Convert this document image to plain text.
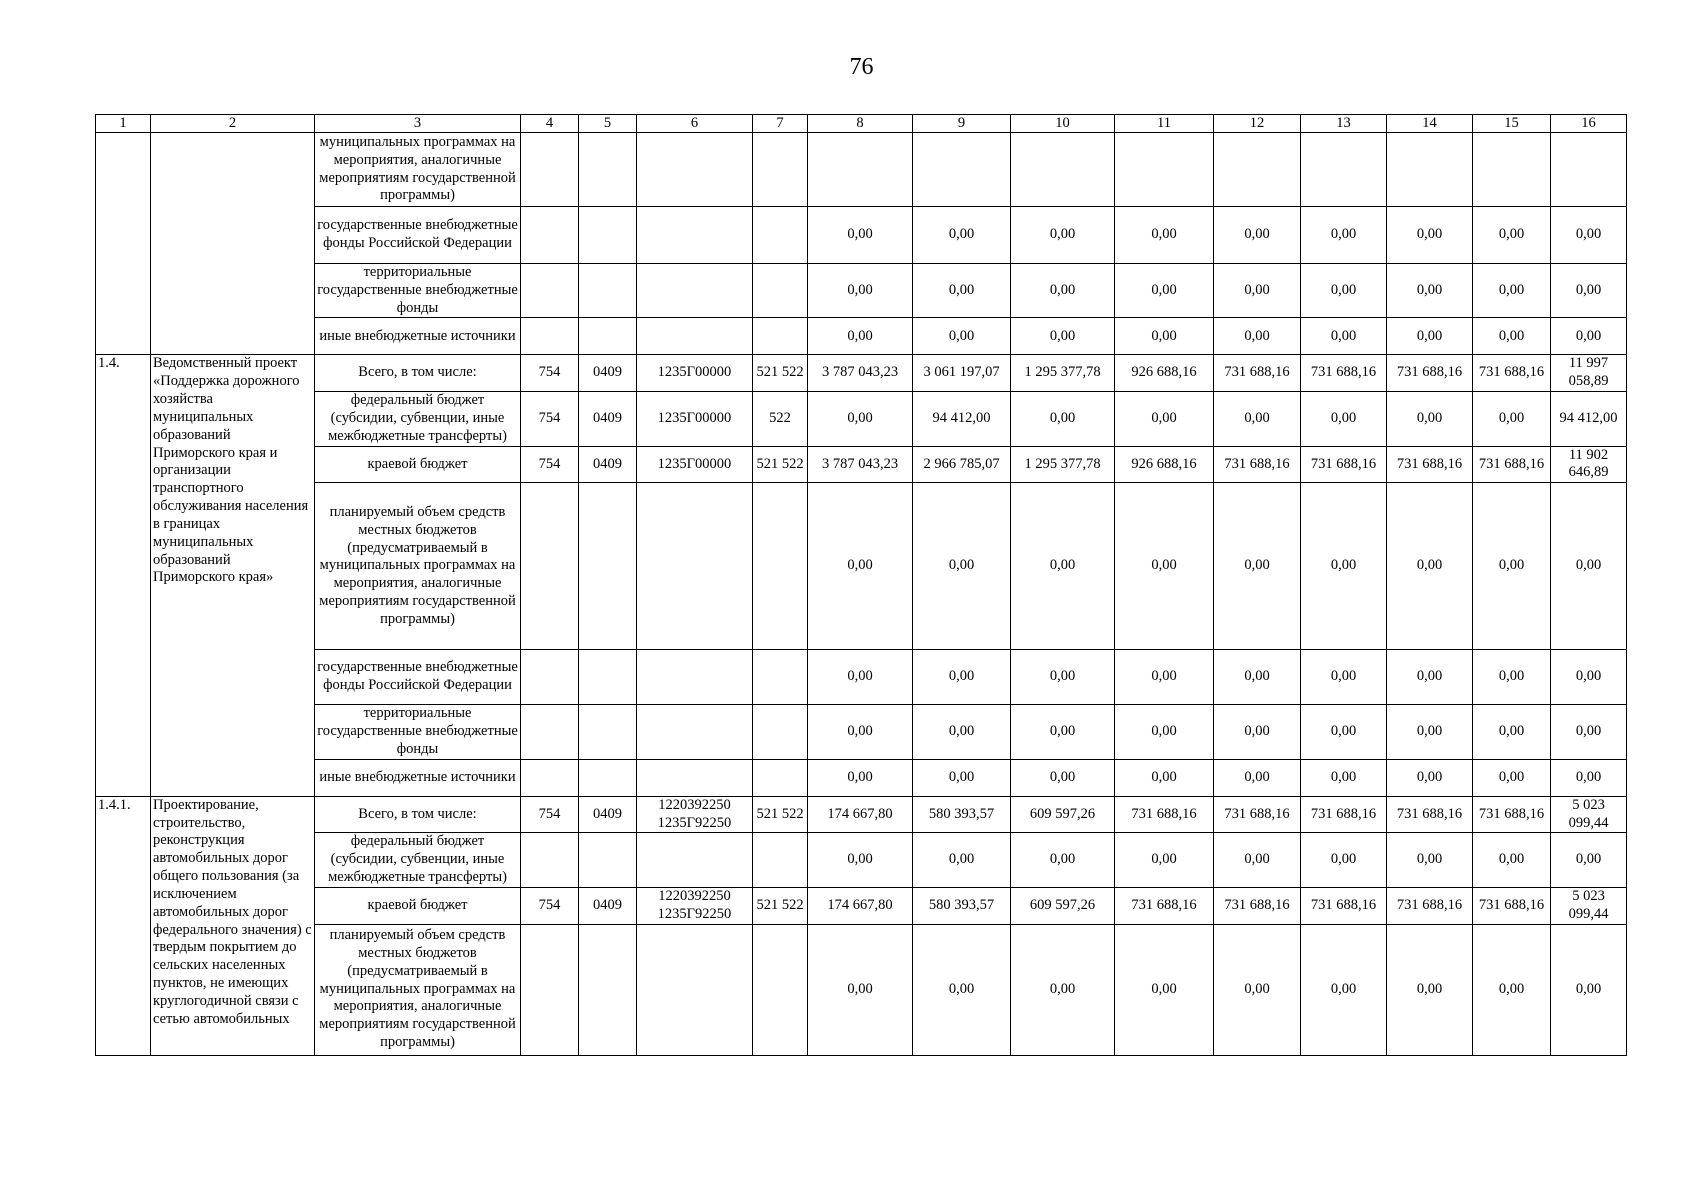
76
1	2	3	4	5	6	7	8	9	10	11	12	13	14	15	16
		муниципальных программах на мероприятия, аналогичные мероприятиям государственной программы)													
		государственные внебюджетные фонды Российской Федерации					0,00	0,00	0,00	0,00	0,00	0,00	0,00	0,00	0,00
		территориальные государственные внебюджетные фонды					0,00	0,00	0,00	0,00	0,00	0,00	0,00	0,00	0,00
		иные внебюджетные источники					0,00	0,00	0,00	0,00	0,00	0,00	0,00	0,00	0,00
1.4.	Ведомственный проект «Поддержка дорожного хозяйства муниципальных образований Приморского края и организации транспортного обслуживания населения в границах муниципальных образований Приморского края»	Всего, в том числе:	754	0409	1235Г00000	521 522	3 787 043,23	3 061 197,07	1 295 377,78	926 688,16	731 688,16	731 688,16	731 688,16	731 688,16	11 997 058,89
		федеральный бюджет (субсидии, субвенции, иные межбюджетные трансферты)	754	0409	1235Г00000	522	0,00	94 412,00	0,00	0,00	0,00	0,00	0,00	0,00	94 412,00
		краевой бюджет	754	0409	1235Г00000	521 522	3 787 043,23	2 966 785,07	1 295 377,78	926 688,16	731 688,16	731 688,16	731 688,16	731 688,16	11 902 646,89
		планируемый объем средств местных бюджетов (предусматриваемый в муниципальных программах на мероприятия, аналогичные мероприятиям государственной программы)					0,00	0,00	0,00	0,00	0,00	0,00	0,00	0,00	0,00
		государственные внебюджетные фонды Российской Федерации					0,00	0,00	0,00	0,00	0,00	0,00	0,00	0,00	0,00
		территориальные государственные внебюджетные фонды					0,00	0,00	0,00	0,00	0,00	0,00	0,00	0,00	0,00
		иные внебюджетные источники					0,00	0,00	0,00	0,00	0,00	0,00	0,00	0,00	0,00
1.4.1.	Проектирование, строительство, реконструкция автомобильных дорог общего пользования (за исключением автомобильных дорог федерального значения) с твердым покрытием до сельских населенных пунктов, не имеющих круглогодичной связи с сетью автомобильных	Всего, в том числе:	754	0409	1220392250 1235Г92250	521 522	174 667,80	580 393,57	609 597,26	731 688,16	731 688,16	731 688,16	731 688,16	731 688,16	5 023 099,44
		федеральный бюджет (субсидии, субвенции, иные межбюджетные трансферты)					0,00	0,00	0,00	0,00	0,00	0,00	0,00	0,00	0,00
		краевой бюджет	754	0409	1220392250 1235Г92250	521 522	174 667,80	580 393,57	609 597,26	731 688,16	731 688,16	731 688,16	731 688,16	731 688,16	5 023 099,44
		планируемый объем средств местных бюджетов (предусматриваемый в муниципальных программах на мероприятия, аналогичные мероприятиям государственной программы)					0,00	0,00	0,00	0,00	0,00	0,00	0,00	0,00	0,00
